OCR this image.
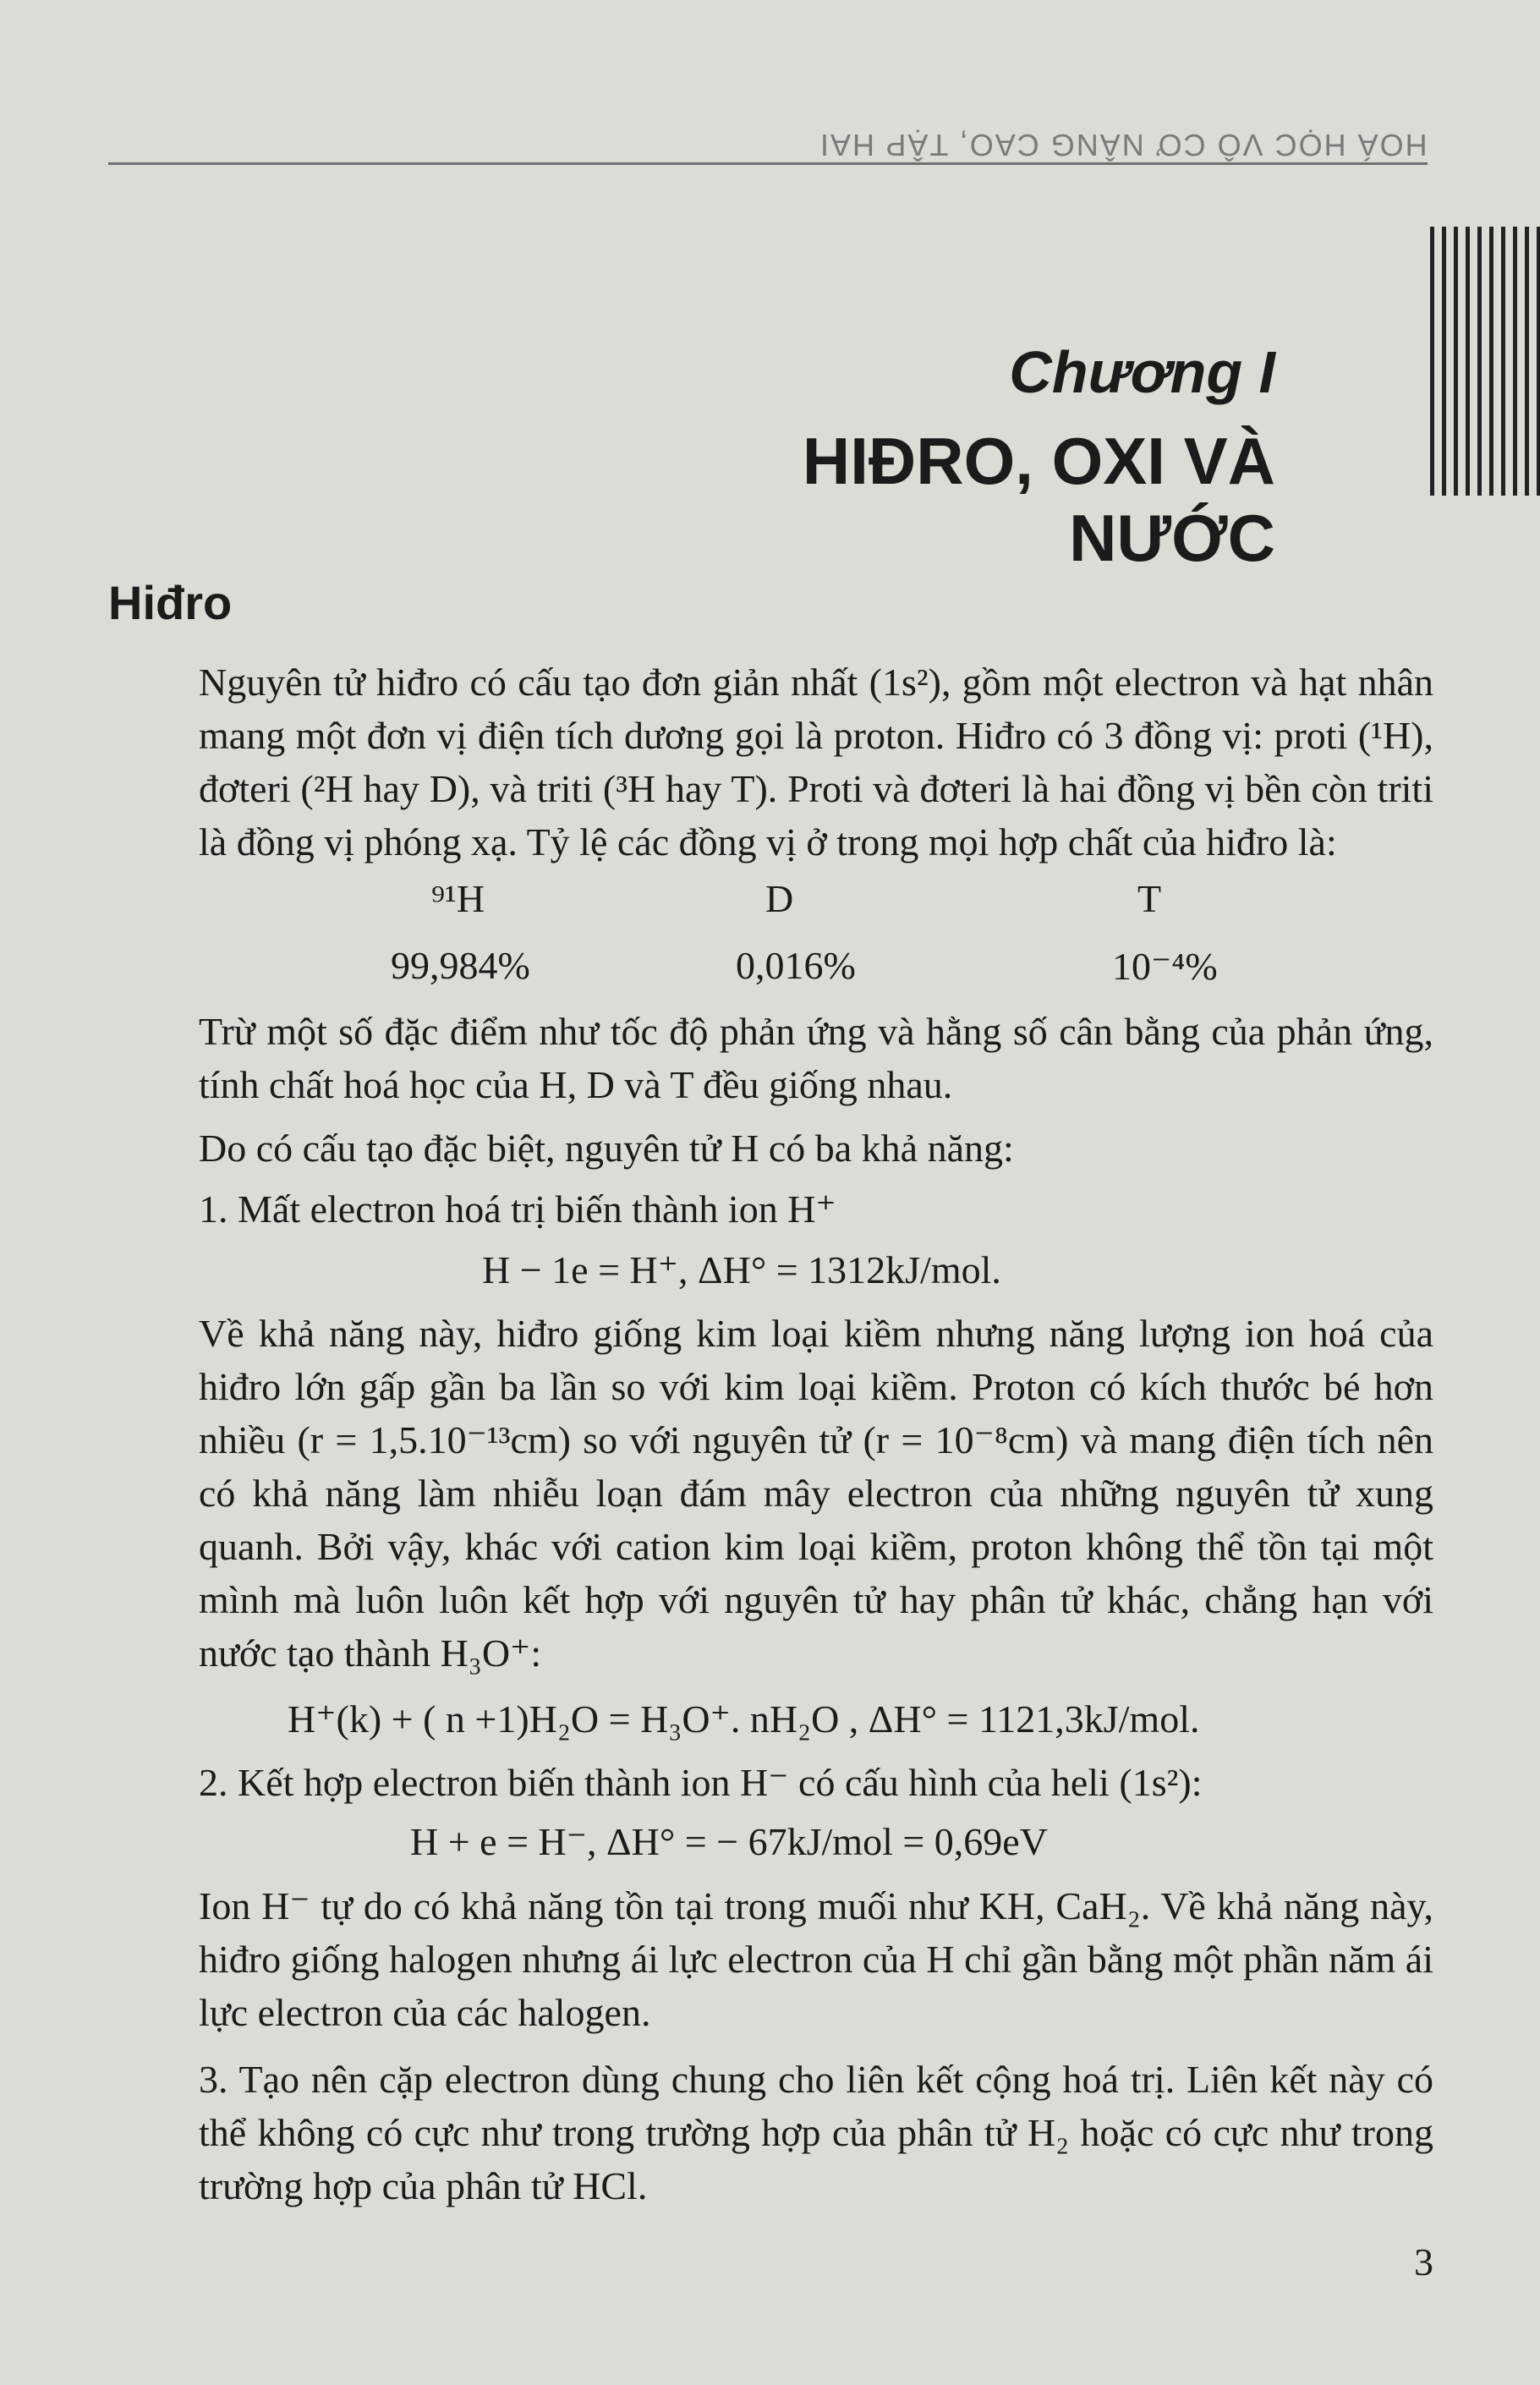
HOÁ HỌC VÔ CƠ NÂNG CAO, TẬP HAI
Chương I
HIĐRO, OXI VÀ NƯỚC
Hiđro

Nguyên tử hiđro có cấu tạo đơn giản nhất (1s²), gồm một electron và hạt nhân mang một đơn vị điện tích dương gọi là proton. Hiđro có 3 đồng vị: proti (¹H), đơteri (²H hay D), và triti (³H hay T). Proti và đơteri là hai đồng vị bền còn triti là đồng vị phóng xạ. Tỷ lệ các đồng vị ở trong mọi hợp chất của hiđro là:

⁹¹H	D	T
99,984%	0,016%	10⁻⁴%

Trừ một số đặc điểm như tốc độ phản ứng và hằng số cân bằng của phản ứng, tính chất hoá học của H, D và T đều giống nhau.

Do có cấu tạo đặc biệt, nguyên tử H có ba khả năng:

1. Mất electron hoá trị biến thành ion H⁺

H − 1e = H⁺, ΔH° = 1312kJ/mol.

Về khả năng này, hiđro giống kim loại kiềm nhưng năng lượng ion hoá của hiđro lớn gấp gần ba lần so với kim loại kiềm. Proton có kích thước bé hơn nhiều (r = 1,5.10⁻¹³cm) so với nguyên tử (r = 10⁻⁸cm) và mang điện tích nên có khả năng làm nhiễu loạn đám mây electron của những nguyên tử xung quanh. Bởi vậy, khác với cation kim loại kiềm, proton không thể tồn tại một mình mà luôn luôn kết hợp với nguyên tử hay phân tử khác, chẳng hạn với nước tạo thành H₃O⁺:

H⁺(k) + ( n +1)H₂O = H₃O⁺. nH₂O , ΔH° = 1121,3kJ/mol.

2. Kết hợp electron biến thành ion H⁻ có cấu hình của heli (1s²):

H + e = H⁻, ΔH° = − 67kJ/mol = 0,69eV

Ion H⁻ tự do có khả năng tồn tại trong muối như KH, CaH₂. Về khả năng này, hiđro giống halogen nhưng ái lực electron của H chỉ gần bằng một phần năm ái lực electron của các halogen.

3. Tạo nên cặp electron dùng chung cho liên kết cộng hoá trị. Liên kết này có thể không có cực như trong trường hợp của phân tử H₂ hoặc có cực như trong trường hợp của phân tử HCl.

3
